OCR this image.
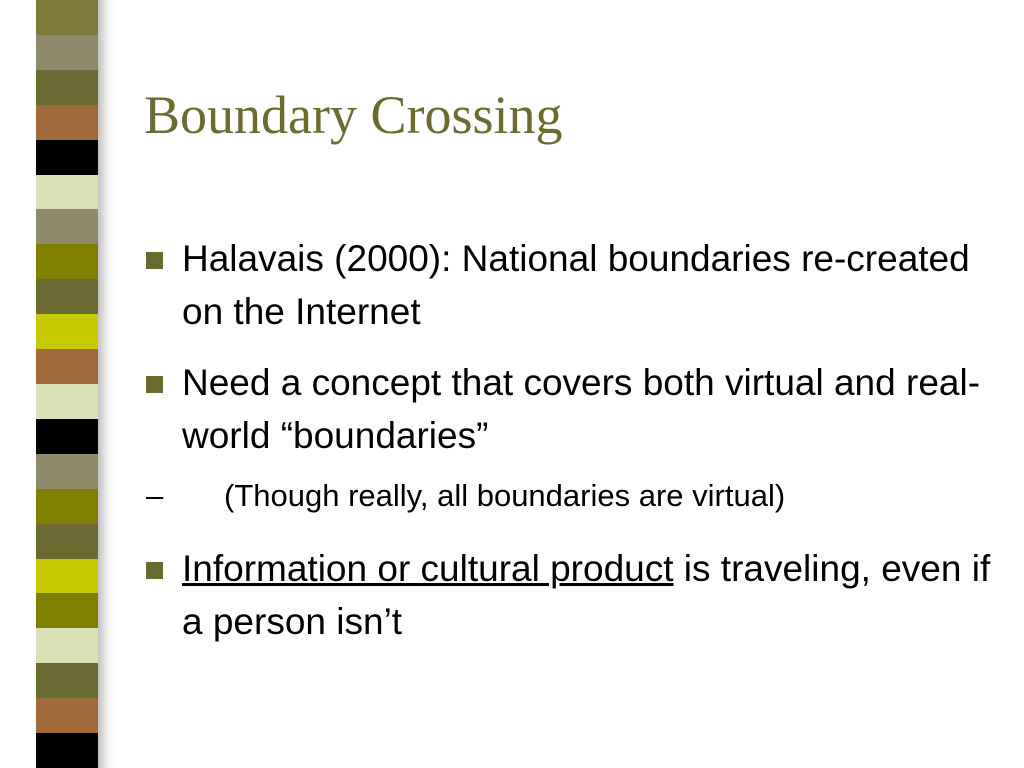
Boundary Crossing
Halavais (2000): National boundaries re-created on the Internet
Need a concept that covers both virtual and real-world “boundaries”
– (Though really, all boundaries are virtual)
Information or cultural product is traveling, even if a person isn’t
